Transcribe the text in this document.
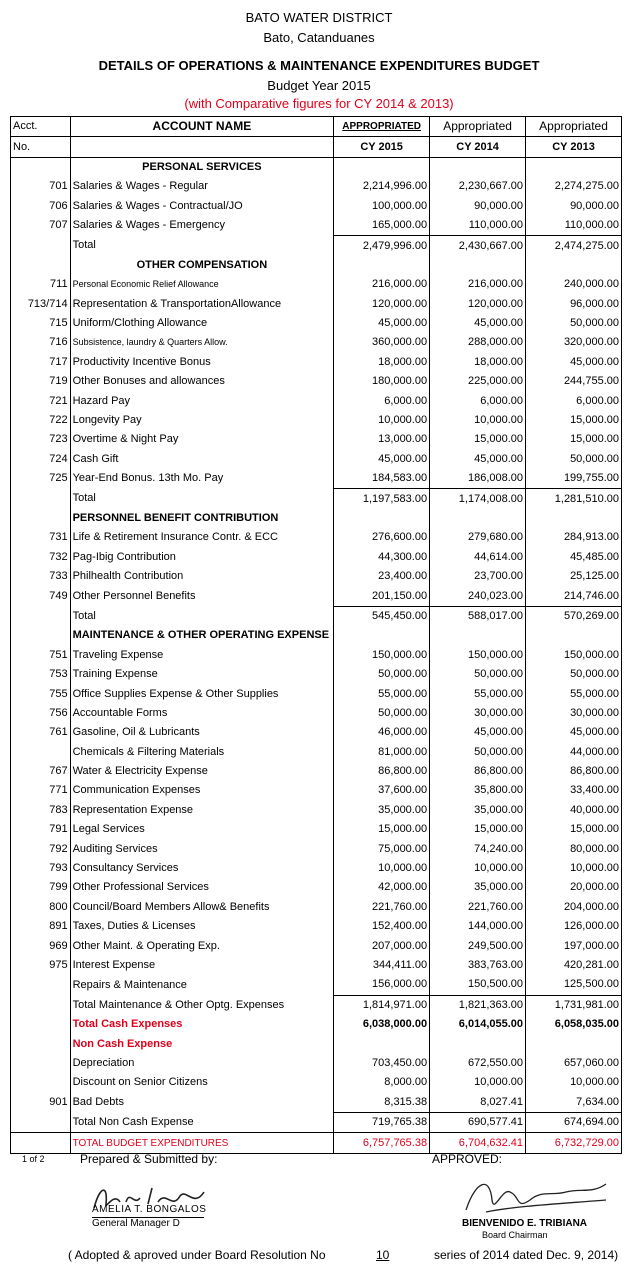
BATO WATER DISTRICT
Bato, Catanduanes
DETAILS OF OPERATIONS & MAINTENANCE EXPENDITURES BUDGET
Budget Year 2015
(with Comparative figures for CY 2014 & 2013)
Acct.	ACCOUNT NAME	APPROPRIATED	Appropriated	Appropriated
No.		CY 2015	CY 2014	CY 2013
	PERSONAL SERVICES			
701	Salaries & Wages - Regular	2,214,996.00	2,230,667.00	2,274,275.00
706	Salaries & Wages - Contractual/JO	100,000.00	90,000.00	90,000.00
707	Salaries & Wages - Emergency	165,000.00	110,000.00	110,000.00
	Total	2,479,996.00	2,430,667.00	2,474,275.00
	OTHER COMPENSATION			
711	Personal Economic Relief Allowance	216,000.00	216,000.00	240,000.00
713/714	Representation & TransportationAllowance	120,000.00	120,000.00	96,000.00
715	Uniform/Clothing Allowance	45,000.00	45,000.00	50,000.00
716	Subsistence, laundry & Quarters Allow.	360,000.00	288,000.00	320,000.00
717	Productivity Incentive Bonus	18,000.00	18,000.00	45,000.00
719	Other Bonuses and allowances	180,000.00	225,000.00	244,755.00
721	Hazard Pay	6,000.00	6,000.00	6,000.00
722	Longevity Pay	10,000.00	10,000.00	15,000.00
723	Overtime & Night Pay	13,000.00	15,000.00	15,000.00
724	Cash Gift	45,000.00	45,000.00	50,000.00
725	Year-End Bonus. 13th Mo. Pay	184,583.00	186,008.00	199,755.00
	Total	1,197,583.00	1,174,008.00	1,281,510.00
	PERSONNEL BENEFIT CONTRIBUTION			
731	Life & Retirement Insurance Contr. & ECC	276,600.00	279,680.00	284,913.00
732	Pag-Ibig Contribution	44,300.00	44,614.00	45,485.00
733	Philhealth Contribution	23,400.00	23,700.00	25,125.00
749	Other Personnel Benefits	201,150.00	240,023.00	214,746.00
	Total	545,450.00	588,017.00	570,269.00
	MAINTENANCE & OTHER OPERATING EXPENSE			
751	Traveling Expense	150,000.00	150,000.00	150,000.00
753	Training Expense	50,000.00	50,000.00	50,000.00
755	Office Supplies Expense & Other Supplies	55,000.00	55,000.00	55,000.00
756	Accountable Forms	50,000.00	30,000.00	30,000.00
761	Gasoline, Oil & Lubricants	46,000.00	45,000.00	45,000.00
	Chemicals & Filtering Materials	81,000.00	50,000.00	44,000.00
767	Water & Electricity Expense	86,800.00	86,800.00	86,800.00
771	Communication Expenses	37,600.00	35,800.00	33,400.00
783	Representation Expense	35,000.00	35,000.00	40,000.00
791	Legal Services	15,000.00	15,000.00	15,000.00
792	Auditing Services	75,000.00	74,240.00	80,000.00
793	Consultancy Services	10,000.00	10,000.00	10,000.00
799	Other Professional Services	42,000.00	35,000.00	20,000.00
800	Council/Board Members Allow& Benefits	221,760.00	221,760.00	204,000.00
891	Taxes, Duties & Licenses	152,400.00	144,000.00	126,000.00
969	Other Maint. & Operating Exp.	207,000.00	249,500.00	197,000.00
975	Interest Expense	344,411.00	383,763.00	420,281.00
	Repairs & Maintenance	156,000.00	150,500.00	125,500.00
	Total Maintenance & Other Optg. Expenses	1,814,971.00	1,821,363.00	1,731,981.00
	Total Cash Expenses	6,038,000.00	6,014,055.00	6,058,035.00
	Non Cash Expense			
	Depreciation	703,450.00	672,550.00	657,060.00
	Discount on Senior Citizens	8,000.00	10,000.00	10,000.00
901	Bad Debts	8,315.38	8,027.41	7,634.00
	Total Non Cash Expense	719,765.38	690,577.41	674,694.00
	TOTAL BUDGET EXPENDITURES	6,757,765.38	6,704,632.41	6,732,729.00
1 of 2	Prepared & Submitted by:	APPROVED:
AMELIA T. BONGALOS
General Manager D	BIENVENIDO E. TRIBIANA
Board Chairman
( Adopted & aproved under Board Resolution No	10	series of 2014 dated Dec. 9, 2014)
